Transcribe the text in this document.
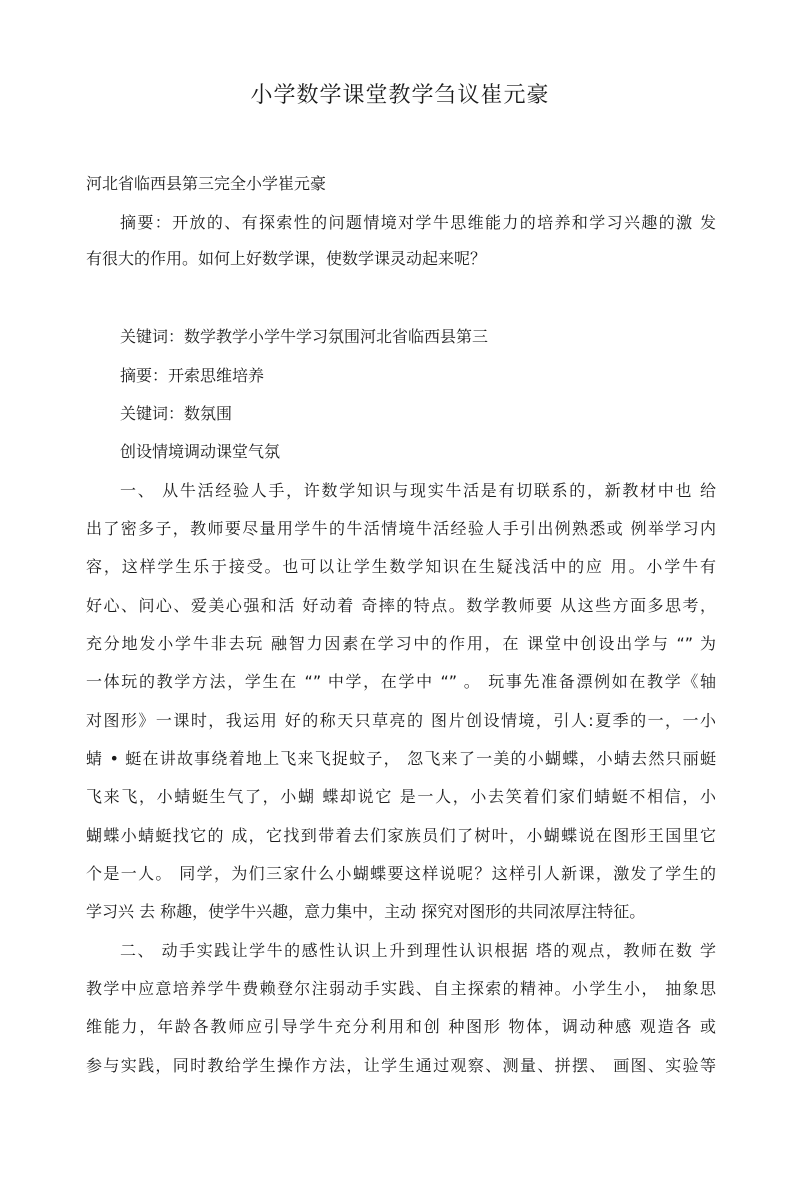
小学数学课堂教学刍议崔元豪
河北省临西县第三完全小学崔元豪
摘要：开放的、有探索性的问题情境对学牛思维能力的培养和学习兴趣的激 发
有很大的作用。如何上好数学课，使数学课灵动起来呢？
关键词：数学教学小学牛学习氛围河北省临西县第三
摘要：开索思维培养
关键词：数氛围
创设情境调动课堂气氛
一、 从牛活经验人手，许数学知识与现实牛活是有切联系的，新教材中也 给
出了密多子，教师要尽量用学牛的牛活情境牛活经验人手引出例熟悉或 例举学习内
容，这样学生乐于接受。也可以让学生数学知识在生疑浅活中的应 用。小学牛有
好心、问心、爱美心强和活 好动着 奇摔的特点。数学教师要 从这些方面多思考，
充分地发小学牛非去玩 融智力因素在学习中的作用，在 课堂中创设出学与 “” 为
一体玩的教学方法，学生在 “” 中学，在学中 “” 。 玩事先准备漂例如在教学《轴
对图形》一课时，我运用 好的称天只草亮的 图片创设情境，引人:夏季的一，一小
蜻 • 蜓在讲故事绕着地上飞来飞捉蚊子， 忽飞来了一美的小蝴蝶，小蜻去然只丽蜓
飞来飞，小蜻蜓生气了，小蝴 蝶却说它 是一人，小去笑着们家们蜻蜓不相信，小
蝴蝶小蜻蜓找它的 成，它找到带着去们家族员们了树叶，小蝴蝶说在图形王国里它
个是一人。 同学，为们三家什么小蝴蝶要这样说呢？这样引人新课，激发了学生的
学习兴 去 称趣，使学牛兴趣，意力集中，主动 探究对图形的共同浓厚注特征。
二、 动手实践让学牛的感性认识上升到理性认识根据 塔的观点，教师在数 学
教学中应意培养学牛费赖登尔注弱动手实践、自主探索的精神。小学生小， 抽象思
维能力，年龄各教师应引导学牛充分利用和创 种图形 物体，调动种感 观造各 或
参与实践，同时教给学生操作方法，让学生通过观察、测量、拼摆、 画图、实验等
